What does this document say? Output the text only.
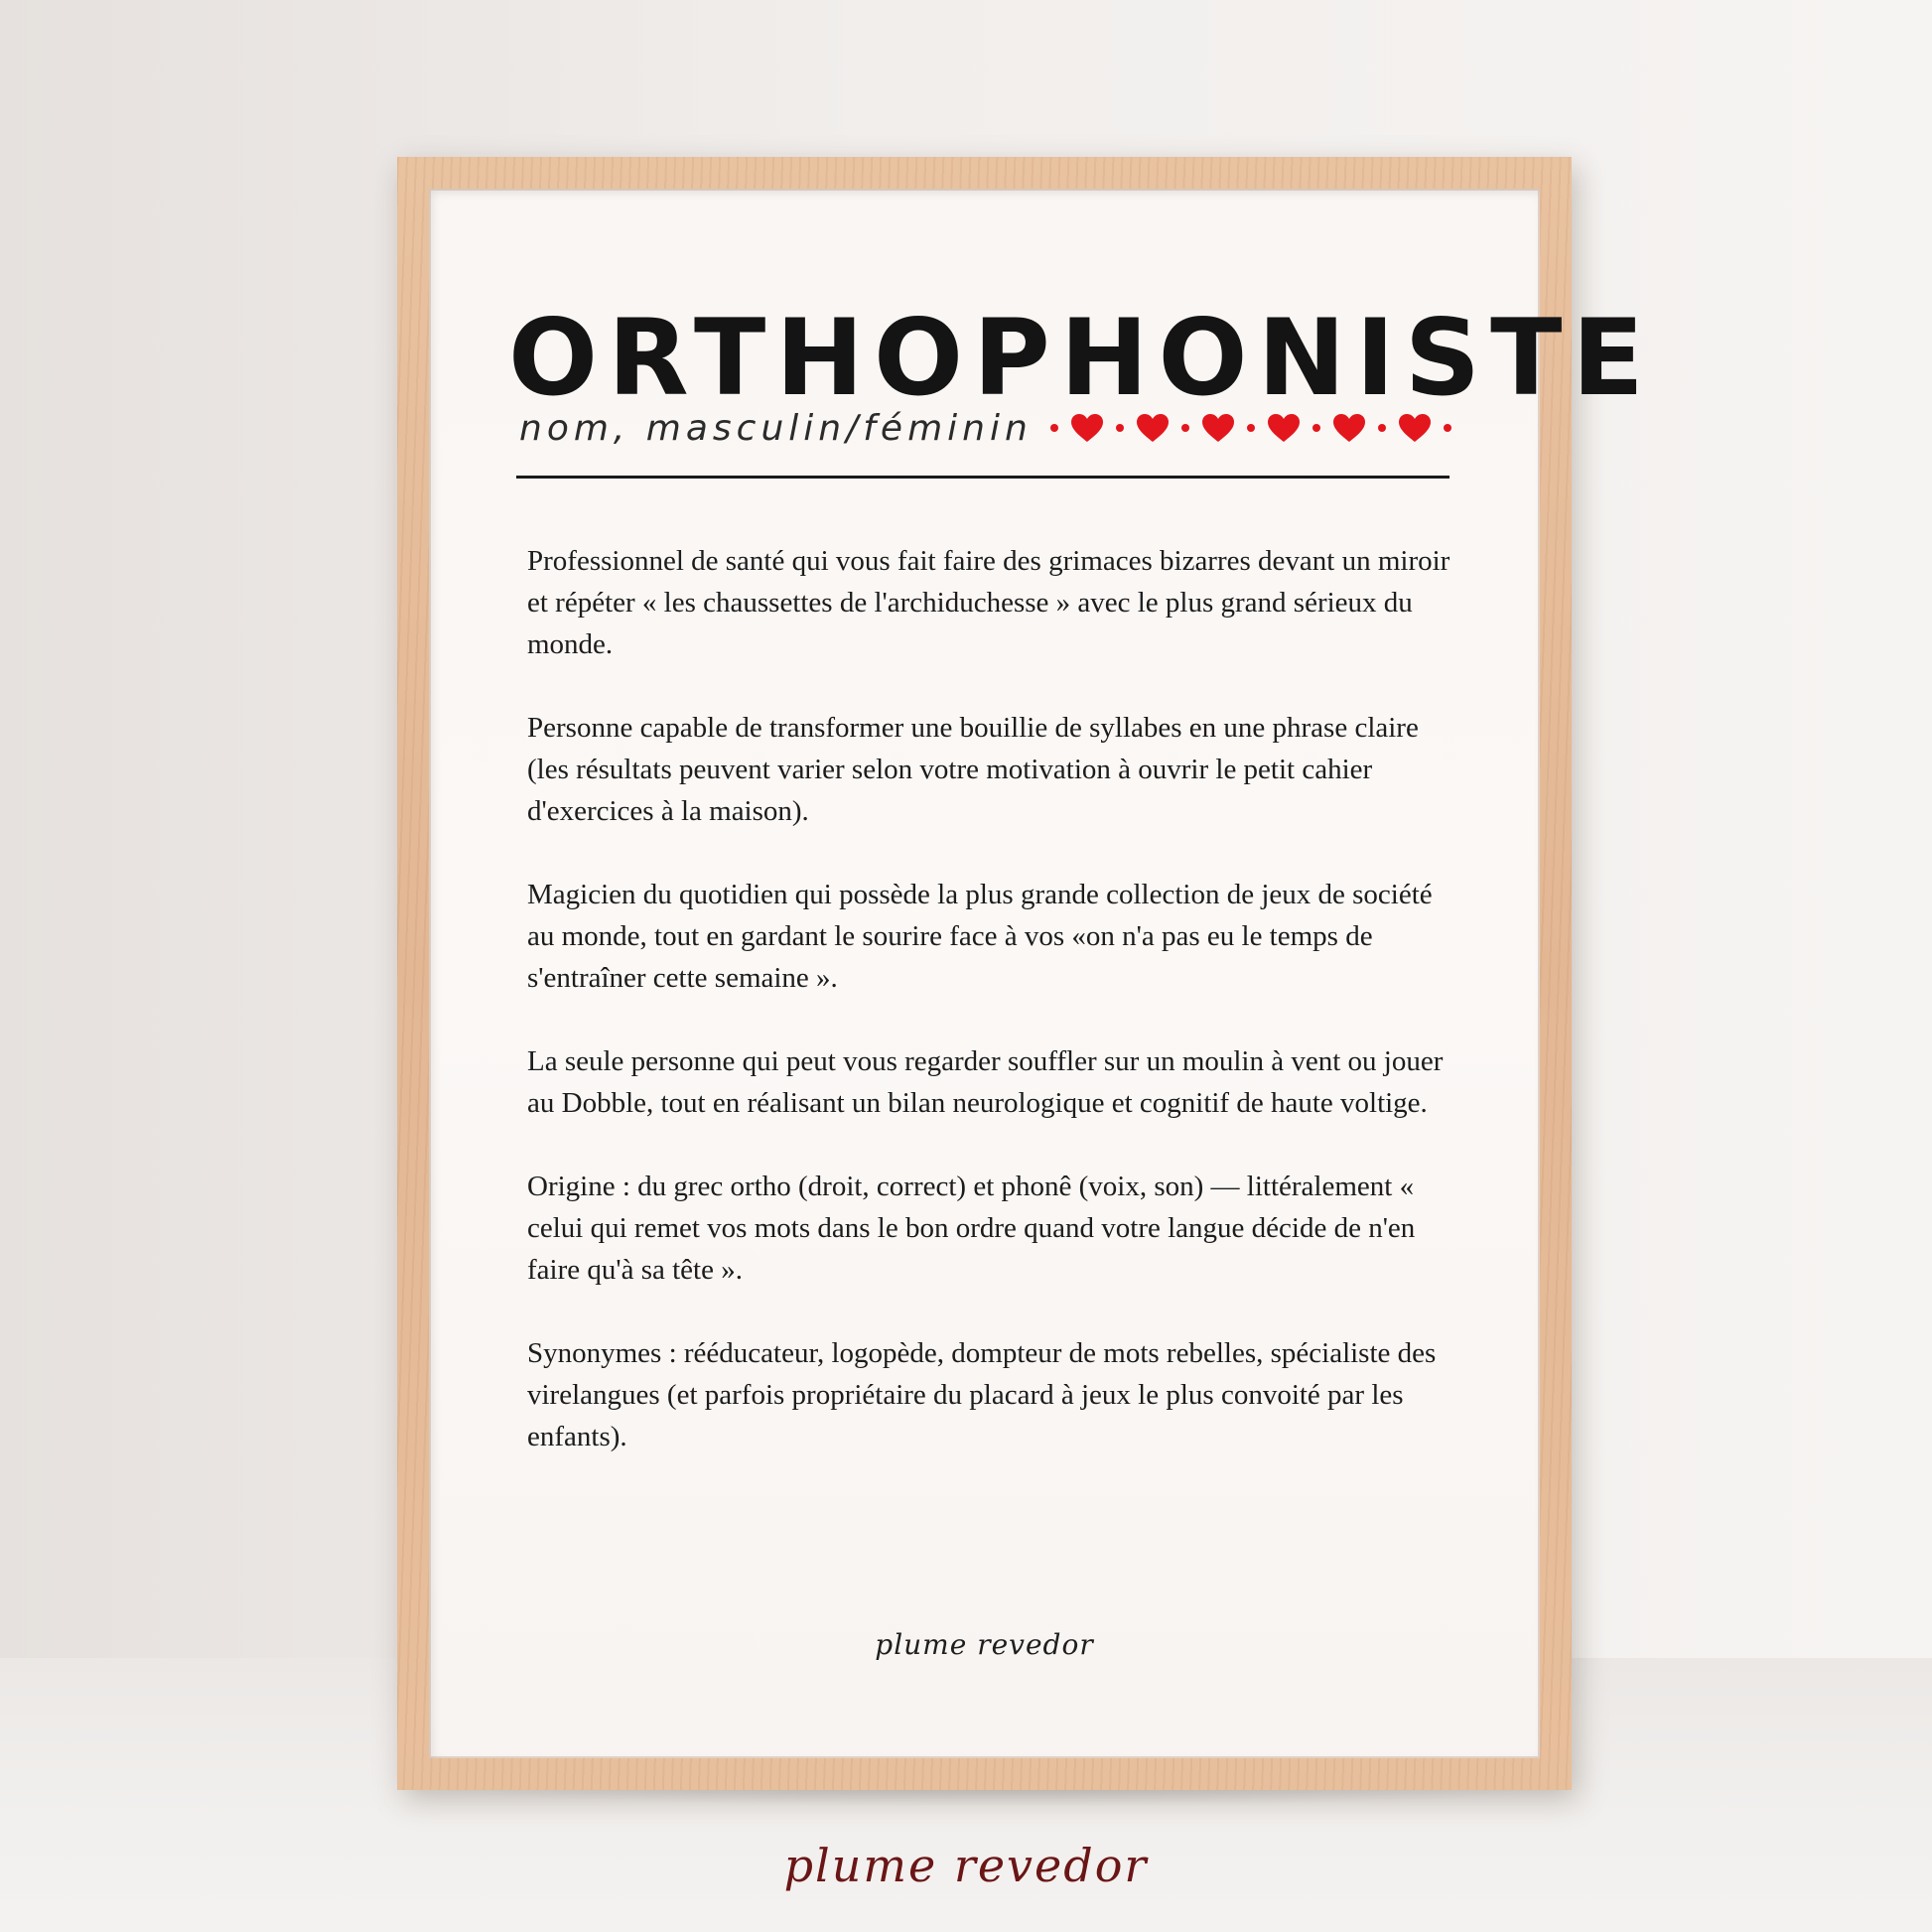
ORTHOPHONISTE
nom, masculin/féminin

Professionnel de santé qui vous fait faire des grimaces bizarres devant un miroir et répéter « les chaussettes de l'archiduchesse » avec le plus grand sérieux du monde.

Personne capable de transformer une bouillie de syllabes en une phrase claire (les résultats peuvent varier selon votre motivation à ouvrir le petit cahier d'exercices à la maison).

Magicien du quotidien qui possède la plus grande collection de jeux de société au monde, tout en gardant le sourire face à vos «on n'a pas eu le temps de s'entraîner cette semaine ».

La seule personne qui peut vous regarder souffler sur un moulin à vent ou jouer au Dobble, tout en réalisant un bilan neurologique et cognitif de haute voltige.

Origine : du grec ortho (droit, correct) et phonê (voix, son) — littéralement « celui qui remet vos mots dans le bon ordre quand votre langue décide de n'en faire qu'à sa tête ».

Synonymes : rééducateur, logopède, dompteur de mots rebelles, spécialiste des virelangues (et parfois propriétaire du placard à jeux le plus convoité par les enfants).

plume revedor
plume revedor
